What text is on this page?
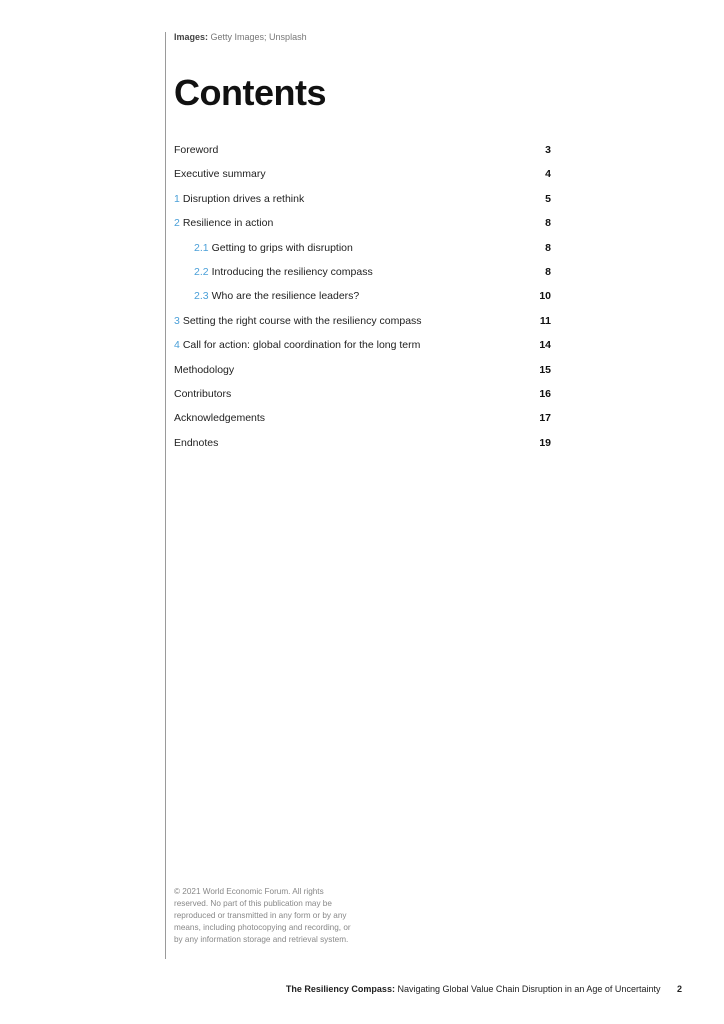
Images: Getty Images; Unsplash
Contents
Foreword	3
Executive summary	4
1 Disruption drives a rethink	5
2 Resilience in action	8
2.1 Getting to grips with disruption	8
2.2 Introducing the resiliency compass	8
2.3 Who are the resilience leaders?	10
3 Setting the right course with the resiliency compass	11
4 Call for action: global coordination for the long term	14
Methodology	15
Contributors	16
Acknowledgements	17
Endnotes	19
© 2021 World Economic Forum. All rights reserved. No part of this publication may be reproduced or transmitted in any form or by any means, including photocopying and recording, or by any information storage and retrieval system.
The Resiliency Compass: Navigating Global Value Chain Disruption in an Age of Uncertainty 2
